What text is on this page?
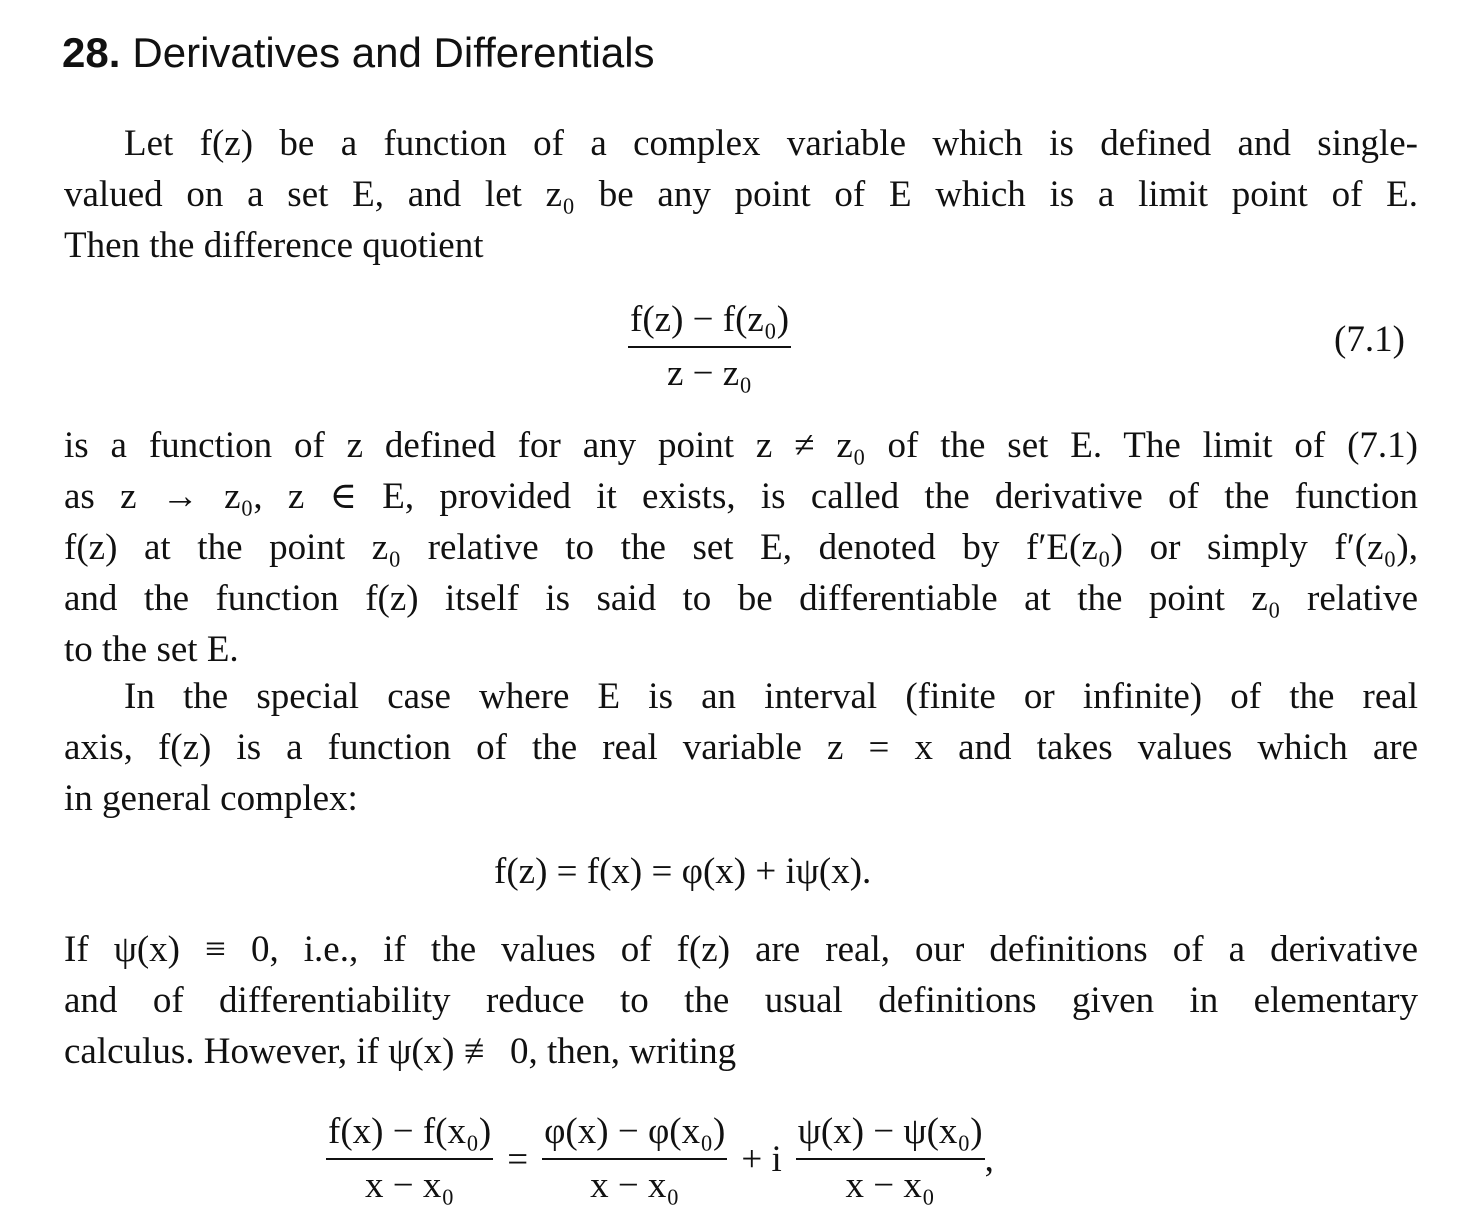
28. Derivatives and Differentials
Let f(z) be a function of a complex variable which is defined and single-
valued on a set E, and let z₀ be any point of E which is a limit point of E.
Then the difference quotient
$\frac{\text{f(z) − f(z₀)}}{\text{z − z₀}}$	(7.1)
is a function of z defined for any point z ≠ z₀ of the set E. The limit of (7.1)
as z → z₀, z ∈ E, provided it exists, is called the derivative of the function
f(z) at the point z₀ relative to the set E, denoted by f′E(z₀) or simply f′(z₀),
and the function f(z) itself is said to be differentiable at the point z₀ relative
to the set E.
In the special case where E is an interval (finite or infinite) of the real
axis, f(z) is a function of the real variable z = x and takes values which are
in general complex:
f(z) = f(x) = φ(x) + iψ(x).
If ψ(x) ≡ 0, i.e., if the values of f(z) are real, our definitions of a derivative
and of differentiability reduce to the usual definitions given in elementary
calculus. However, if ψ(x) ≢ 0, then, writing
$\frac{\text{f(x) − f(x₀)}}{\text{x − x₀}} = \frac{\text{φ(x) − φ(x₀)}}{\text{x − x₀}} + i \frac{\text{ψ(x) − ψ(x₀)}}{\text{x − x₀}}$ ,
